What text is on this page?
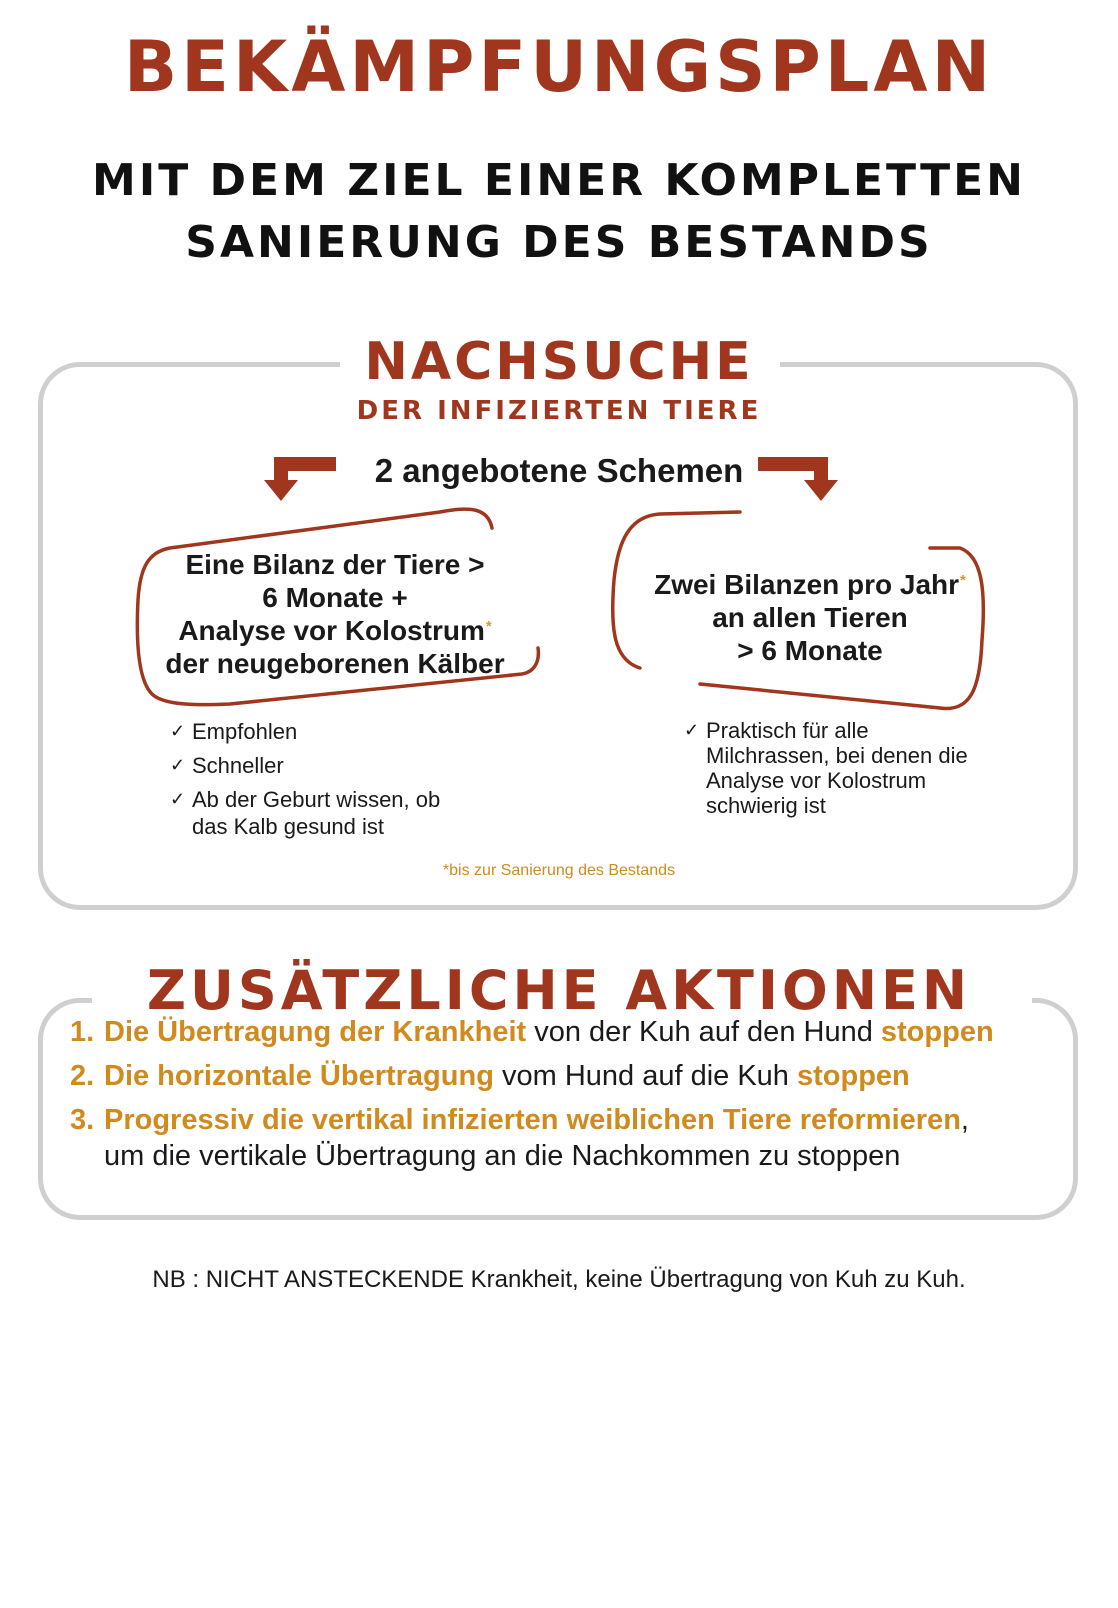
BEKÄMPFUNGSPLAN
MIT DEM ZIEL EINER KOMPLETTEN
SANIERUNG DES BESTANDS
NACHSUCHE
DER INFIZIERTEN TIERE
2 angebotene Schemen
Eine Bilanz der Tiere >
6 Monate +
Analyse vor Kolostrum*
der neugeborenen Kälber
Zwei Bilanzen pro Jahr*
an allen Tieren
> 6 Monate
✓ Empfohlen
✓ Schneller
✓ Ab der Geburt wissen, ob das Kalb gesund ist
✓ Praktisch für alle Milchrassen, bei denen die Analyse vor Kolostrum schwierig ist
*bis zur Sanierung des Bestands
ZUSÄTZLICHE AKTIONEN
1. Die Übertragung der Krankheit von der Kuh auf den Hund stoppen
2. Die horizontale Übertragung vom Hund auf die Kuh stoppen
3. Progressiv die vertikal infizierten weiblichen Tiere reformieren,
um die vertikale Übertragung an die Nachkommen zu stoppen
NB : NICHT ANSTECKENDE Krankheit, keine Übertragung von Kuh zu Kuh.
